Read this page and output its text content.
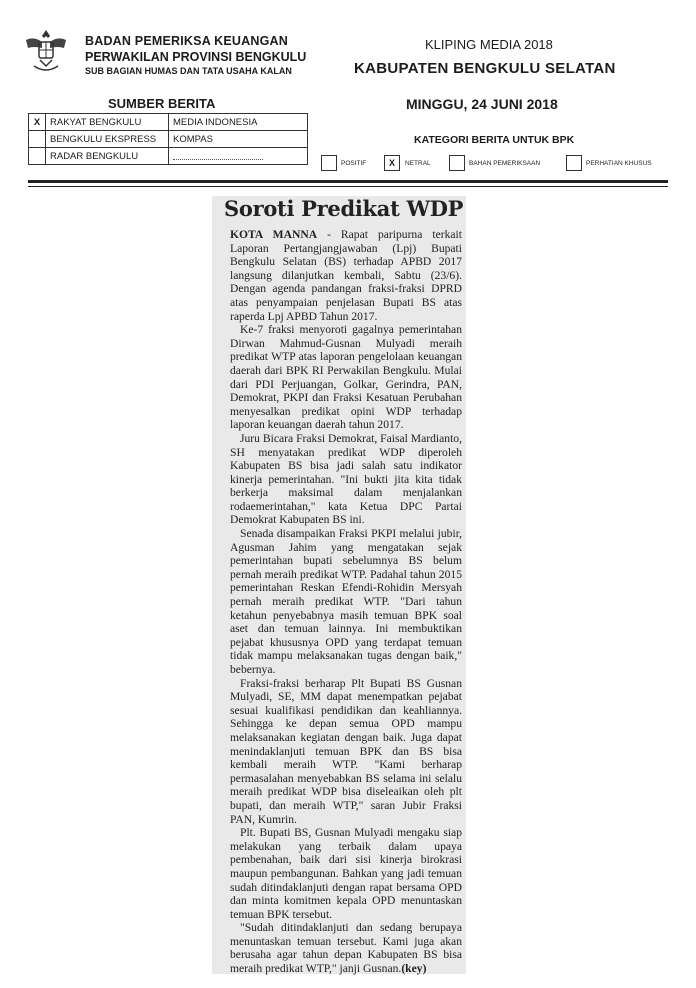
BADAN PEMERIKSA KEUANGAN
PERWAKILAN PROVINSI BENGKULU
SUB BAGIAN HUMAS DAN TATA USAHA KALAN
KLIPING MEDIA 2018
KABUPATEN BENGKULU SELATAN
MINGGU, 24 JUNI 2018
SUMBER BERITA
X	RAKYAT BENGKULU	MEDIA INDONESIA
	BENGKULU EKSPRESS	KOMPAS
	RADAR BENGKULU	
KATEGORI BERITA UNTUK BPK
POSITIF	X	NETRAL	BAHAN PEMERIKSAAN	PERHATIAN KHUSUS
Soroti Predikat WDP

KOTA MANNA - Rapat paripurna terkait Laporan Pertangjangjawaban (Lpj) Bupati Bengkulu Selatan (BS) terhadap APBD 2017 langsung dilanjutkan kembali, Sabtu (23/6). Dengan agenda pandangan fraksi-fraksi DPRD atas penyampaian penjelasan Bupati BS atas raperda Lpj APBD Tahun 2017.

Ke-7 fraksi menyoroti gagalnya pemerintahan Dirwan Mahmud-Gusnan Mulyadi meraih predikat WTP atas laporan pengelolaan keuangan daerah dari BPK RI Perwakilan Bengkulu. Mulai dari PDI Perjuangan, Golkar, Gerindra, PAN, Demokrat, PKPI dan Fraksi Kesatuan Perubahan menyesalkan predikat opini WDP terhadap laporan keuangan daerah tahun 2017.

Juru Bicara Fraksi Demokrat, Faisal Mardianto, SH menyatakan predikat WDP diperoleh Kabupaten BS bisa jadi salah satu indikator kinerja pemerintahan. "Ini bukti jita kita tidak berkerja maksimal dalam menjalankan rodaemerintahan," kata Ketua DPC Partai Demokrat Kabupaten BS ini.

Senada disampaikan Fraksi PKPI melalui jubir, Agusman Jahim yang mengatakan sejak pemerintahan bupati sebelumnya BS belum pernah meraih predikat WTP. Padahal tahun 2015 pemerintahan Reskan Efendi-Rohidin Mersyah pernah meraih predikat WTP. "Dari tahun ketahun penyebabnya masih temuan BPK soal aset dan temuan lainnya. Ini membuktikan pejabat khususnya OPD yang terdapat temuan tidak mampu melaksanakan tugas dengan baik," bebernya.

Fraksi-fraksi berharap Plt Bupati BS Gusnan Mulyadi, SE, MM dapat menempatkan pejabat sesuai kualifikasi pendidikan dan keahliannya. Sehingga ke depan semua OPD mampu melaksanakan kegiatan dengan baik. Juga dapat menindaklanjuti temuan BPK dan BS bisa kembali meraih WTP. "Kami berharap permasalahan menyebabkan BS selama ini selalu meraih predikat WDP bisa diseleaikan oleh plt bupati, dan meraih WTP," saran Jubir Fraksi PAN, Kumrin.

Plt. Bupati BS, Gusnan Mulyadi mengaku siap melakukan yang terbaik dalam upaya pembenahan, baik dari sisi kinerja birokrasi maupun pembangunan. Bahkan yang jadi temuan sudah ditindaklanjuti dengan rapat bersama OPD dan minta komitmen kepala OPD menuntaskan temuan BPK tersebut.

"Sudah ditindaklanjuti dan sedang berupaya menuntaskan temuan tersebut. Kami juga akan berusaha agar tahun depan Kabupaten BS bisa meraih predikat WTP," janji Gusnan.(key)
